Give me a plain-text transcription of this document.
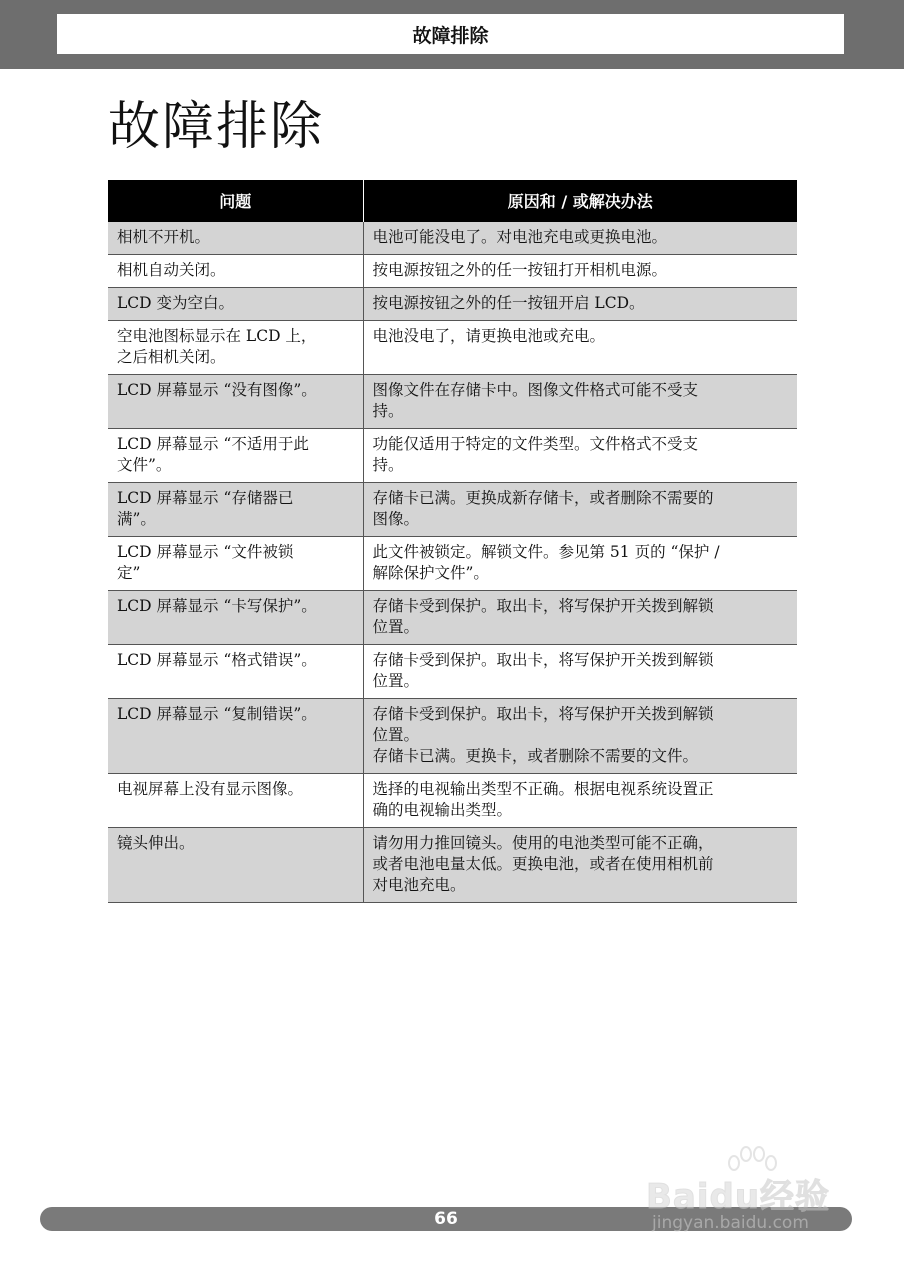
故障排除
故障排除
问题	原因和 / 或解决办法

相机不开机。	电池可能没电了。对电池充电或更换电池。

相机自动关闭。	按电源按钮之外的任一按钮打开相机电源。

LCD 变为空白。	按电源按钮之外的任一按钮开启 LCD。

空电池图标显示在 LCD 上，
之后相机关闭。	电池没电了，请更换电池或充电。

LCD 屏幕显示 “没有图像”。	图像文件在存储卡中。图像文件格式可能不受支
持。

LCD 屏幕显示 “不适用于此
文件”。	功能仅适用于特定的文件类型。文件格式不受支
持。

LCD 屏幕显示 “存储器已
满”。	存储卡已满。更换成新存储卡，或者删除不需要的
图像。

LCD 屏幕显示 “文件被锁
定”	此文件被锁定。解锁文件。参见第 51 页的 “保护 /
解除保护文件”。

LCD 屏幕显示 “卡写保护”。	存储卡受到保护。取出卡，将写保护开关拨到解锁
位置。

LCD 屏幕显示 “格式错误”。	存储卡受到保护。取出卡，将写保护开关拨到解锁
位置。

LCD 屏幕显示 “复制错误”。	存储卡受到保护。取出卡，将写保护开关拨到解锁
位置。
存储卡已满。更换卡，或者删除不需要的文件。

电视屏幕上没有显示图像。	选择的电视输出类型不正确。根据电视系统设置正
确的电视输出类型。

镜头伸出。	请勿用力推回镜头。使用的电池类型可能不正确，
或者电池电量太低。更换电池，或者在使用相机前
对电池充电。
66
Baidu经验
jingyan.baidu.com
